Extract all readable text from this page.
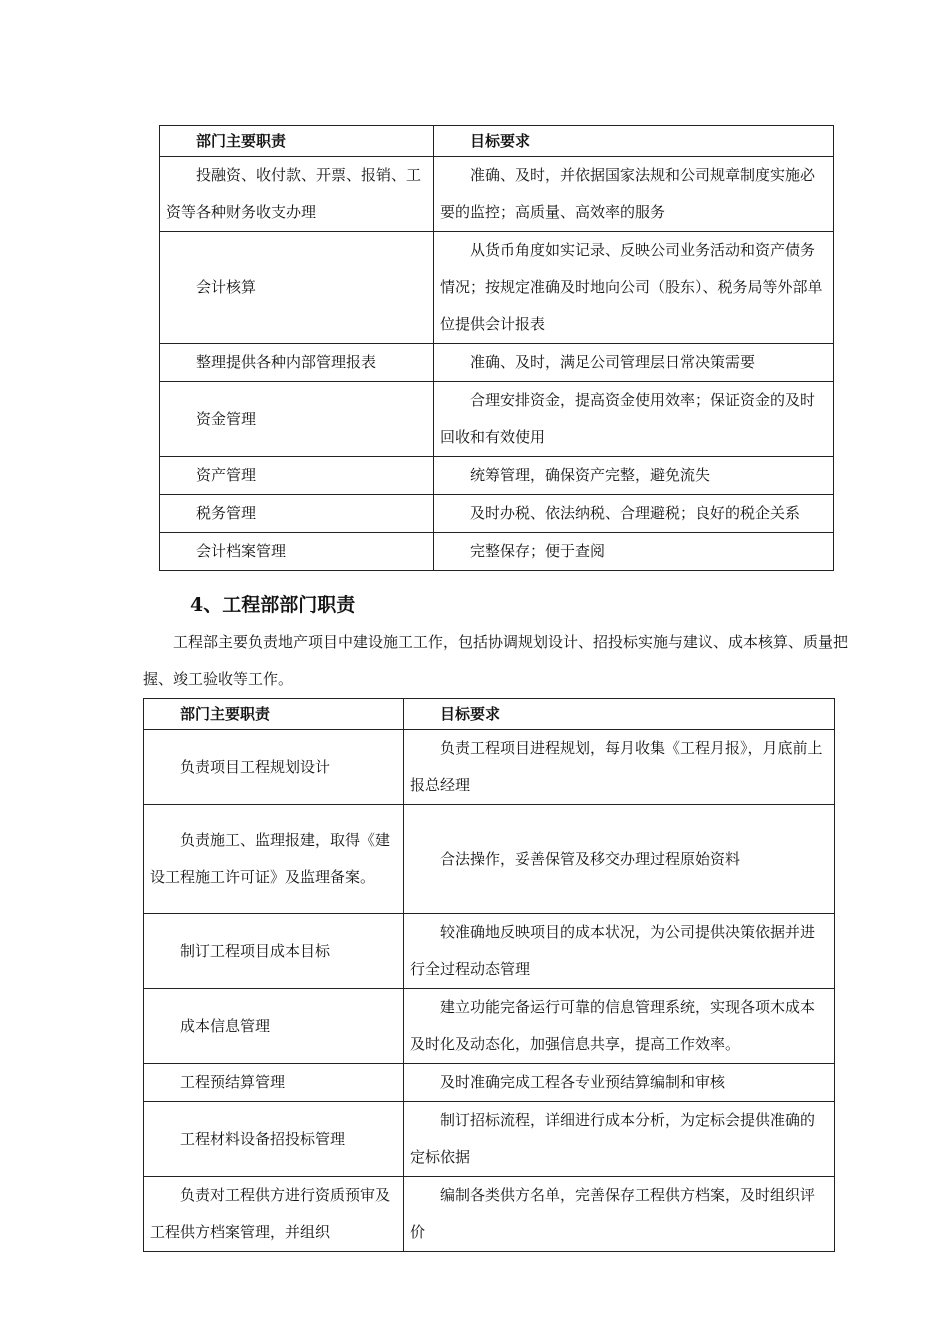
部门主要职责	目标要求
投融资、收付款、开票、报销、工资等各种财务收支办理	准确、及时，并依据国家法规和公司规章制度实施必要的监控；高质量、高效率的服务
会计核算	从货币角度如实记录、反映公司业务活动和资产债务情况；按规定准确及时地向公司（股东）、税务局等外部单位提供会计报表
整理提供各种内部管理报表	准确、及时，满足公司管理层日常决策需要
资金管理	合理安排资金，提高资金使用效率；保证资金的及时回收和有效使用
资产管理	统筹管理，确保资产完整，避免流失
税务管理	及时办税、依法纳税、合理避税；良好的税企关系
会计档案管理	完整保存；便于查阅
4、工程部部门职责

工程部主要负责地产项目中建设施工工作，包括协调规划设计、招投标实施与建议、成本核算、质量把握、竣工验收等工作。

部门主要职责	目标要求
负责项目工程规划设计	负责工程项目进程规划，每月收集《工程月报》，月底前上报总经理
负责施工、监理报建，取得《建设工程施工许可证》及监理备案。	合法操作，妥善保管及移交办理过程原始资料
制订工程项目成本目标	较准确地反映项目的成本状况，为公司提供决策依据并进行全过程动态管理
成本信息管理	建立功能完备运行可靠的信息管理系统，实现各项木成本及时化及动态化，加强信息共享，提高工作效率。
工程预结算管理	及时准确完成工程各专业预结算编制和审核
工程材料设备招投标管理	制订招标流程，详细进行成本分析，为定标会提供准确的定标依据
负责对工程供方进行资质预审及工程供方档案管理，并组织	编制各类供方名单，完善保存工程供方档案，及时组织评价
